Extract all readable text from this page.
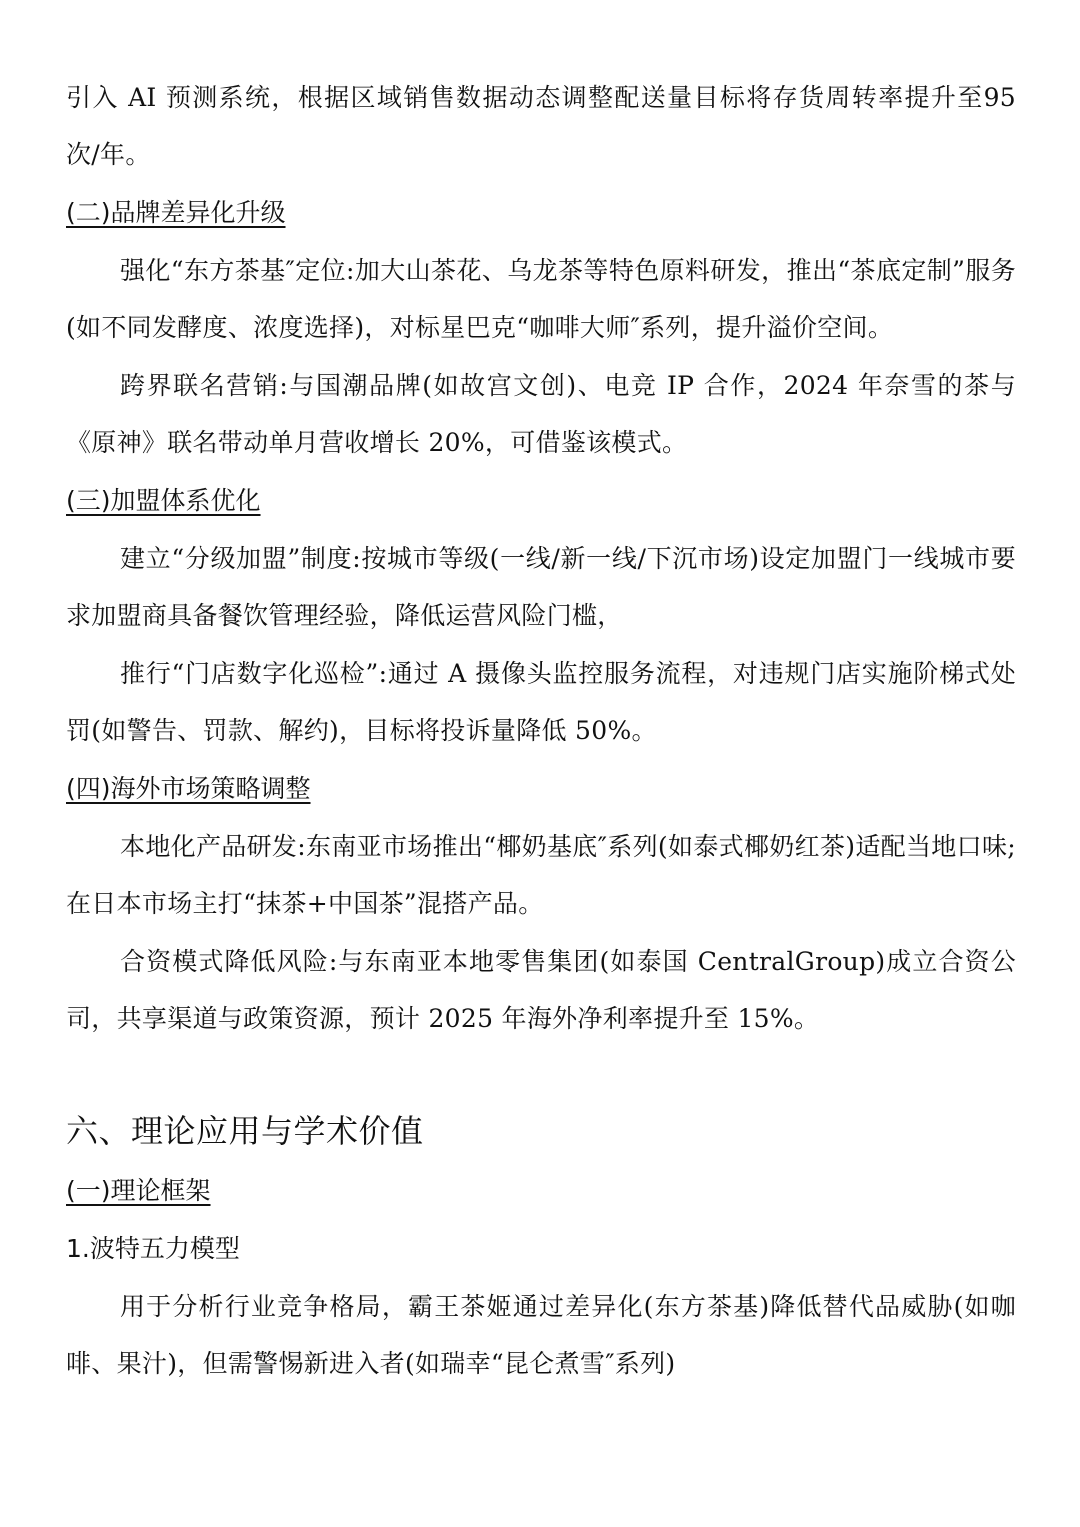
引入 AI 预测系统，根据区域销售数据动态调整配送量目标将存货周转率提升至95 次/年。

(二)品牌差异化升级

强化“东方茶基″定位:加大山茶花、乌龙茶等特色原料研发，推出“茶底定制”服务(如不同发酵度、浓度选择)，对标星巴克“咖啡大师″系列，提升溢价空间。

跨界联名营销:与国潮品牌(如故宫文创)、电竞 IP 合作，2024 年奈雪的茶与《原神》联名带动单月营收增长 20%，可借鉴该模式。

(三)加盟体系优化

建立“分级加盟”制度:按城市等级(一线/新一线/下沉市场)设定加盟门一线城市要求加盟商具备餐饮管理经验，降低运营风险门槛，

推行“门店数字化巡检”:通过 A 摄像头监控服务流程，对违规门店实施阶梯式处罚(如警告、罚款、解约)，目标将投诉量降低 50%。

(四)海外市场策略调整

本地化产品研发:东南亚市场推出“椰奶基底″系列(如泰式椰奶红茶)适配当地口味;在日本市场主打“抹茶+中国茶”混搭产品。

合资模式降低风险:与东南亚本地零售集团(如泰国 CentralGroup)成立合资公司，共享渠道与政策资源，预计 2025 年海外净利率提升至 15%。

六、理论应用与学术价值
(一)理论框架
1.波特五力模型

用于分析行业竞争格局，霸王茶姬通过差异化(东方茶基)降低替代品威胁(如咖啡、果汁)，但需警惕新进入者(如瑞幸“昆仑煮雪″系列)
